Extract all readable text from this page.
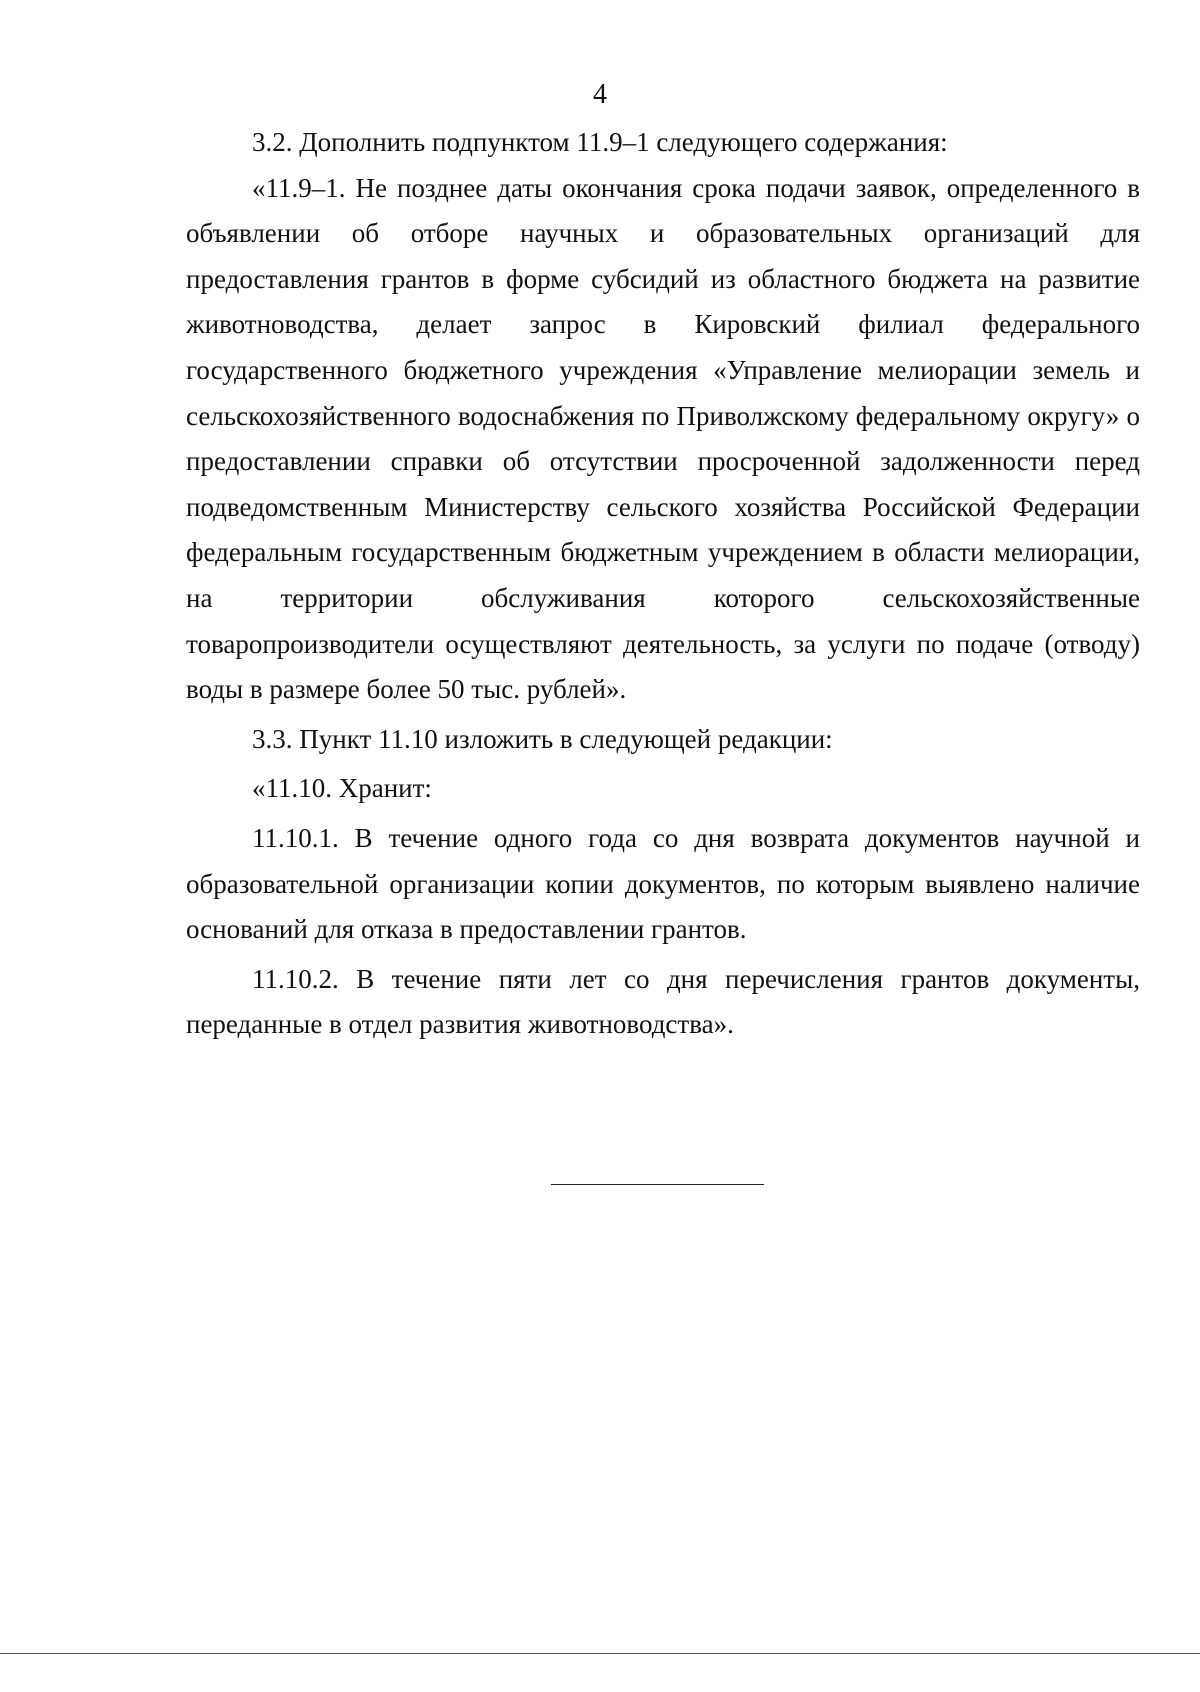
4

3.2. Дополнить подпунктом 11.9–1 следующего содержания:

«11.9–1. Не позднее даты окончания срока подачи заявок, определенного в объявлении об отборе научных и образовательных организаций для предоставления грантов в форме субсидий из областного бюджета на развитие животноводства, делает запрос в Кировский филиал федерального государственного бюджетного учреждения «Управление мелиорации земель и сельскохозяйственного водоснабжения по Приволжскому федеральному округу» о предоставлении справки об отсутствии просроченной задолженности перед подведомственным Министерству сельского хозяйства Российской Федерации федеральным государственным бюджетным учреждением в области мелиорации, на территории обслуживания которого сельскохозяйственные товаропроизводители осуществляют деятельность, за услуги по подаче (отводу) воды в размере более 50 тыс. рублей».

3.3. Пункт 11.10 изложить в следующей редакции:

«11.10. Хранит:

11.10.1. В течение одного года со дня возврата документов научной и образовательной организации копии документов, по которым выявлено наличие оснований для отказа в предоставлении грантов.

11.10.2. В течение пяти лет со дня перечисления грантов документы, переданные в отдел развития животноводства».
